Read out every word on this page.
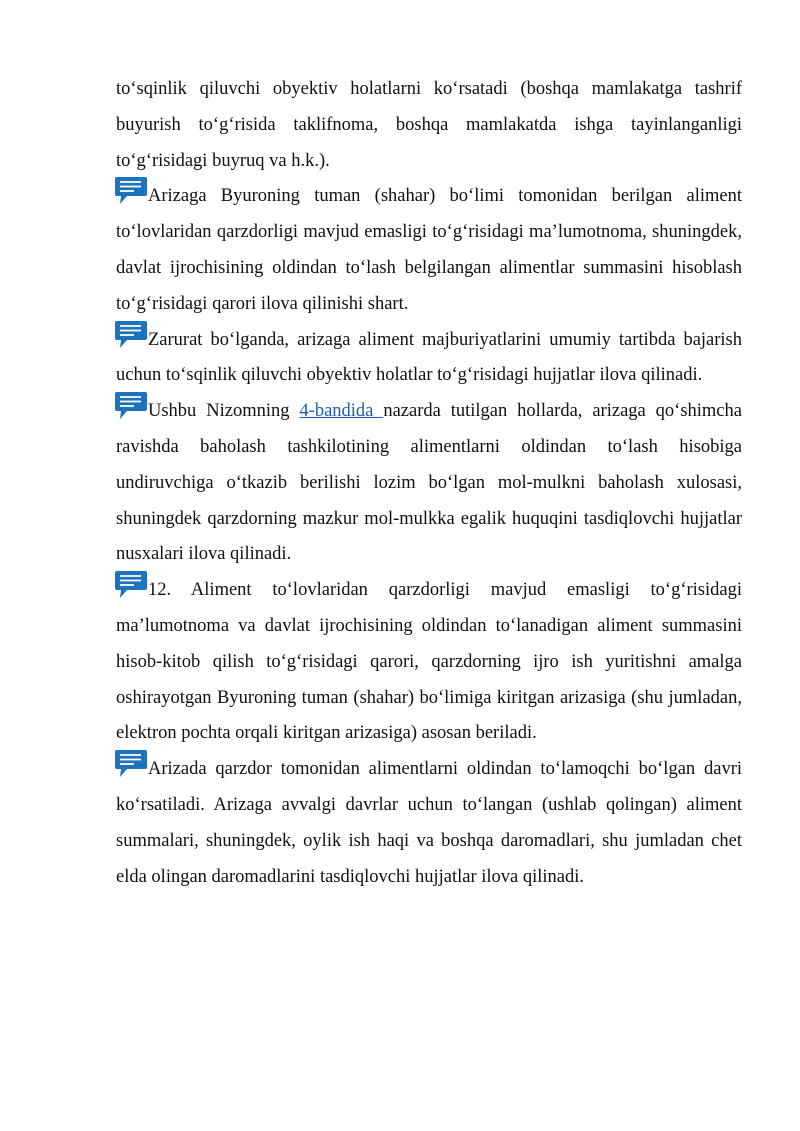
to‘sqinlik qiluvchi obyektiv holatlarni ko‘rsatadi (boshqa mamlakatga tashrif buyurish to‘g‘risida taklifnoma, boshqa mamlakatda ishga tayinlanganligi to‘g‘risidagi buyruq va h.k.).

Arizaga Byuroning tuman (shahar) bo‘limi tomonidan berilgan aliment to‘lovlaridan qarzdorligi mavjud emasligi to‘g‘risidagi ma’lumotnoma, shuningdek, davlat ijrochisining oldindan to‘lash belgilangan alimentlar summasini hisoblash to‘g‘risidagi qarori ilova qilinishi shart.

Zarurat bo‘lganda, arizaga aliment majburiyatlarini umumiy tartibda bajarish uchun to‘sqinlik qiluvchi obyektiv holatlar to‘g‘risidagi hujjatlar ilova qilinadi.

Ushbu Nizomning 4-bandida nazarda tutilgan hollarda, arizaga qo‘shimcha ravishda baholash tashkilotining alimentlarni oldindan to‘lash hisobiga undiruvchiga o‘tkazib berilishi lozim bo‘lgan mol-mulkni baholash xulosasi, shuningdek qarzdorning mazkur mol-mulkka egalik huquqini tasdiqlovchi hujjatlar nusxalari ilova qilinadi.

12. Aliment to‘lovlaridan qarzdorligi mavjud emasligi to‘g‘risidagi ma’lumotnoma va davlat ijrochisining oldindan to‘lanadigan aliment summasini hisob-kitob qilish to‘g‘risidagi qarori, qarzdorning ijro ish yuritishni amalga oshirayotgan Byuroning tuman (shahar) bo‘limiga kiritgan arizasiga (shu jumladan, elektron pochta orqali kiritgan arizasiga) asosan beriladi.

Arizada qarzdor tomonidan alimentlarni oldindan to‘lamoqchi bo‘lgan davri ko‘rsatiladi. Arizaga avvalgi davrlar uchun to‘langan (ushlab qolingan) aliment summalari, shuningdek, oylik ish haqi va boshqa daromadlari, shu jumladan chet elda olingan daromadlarini tasdiqlovchi hujjatlar ilova qilinadi.
